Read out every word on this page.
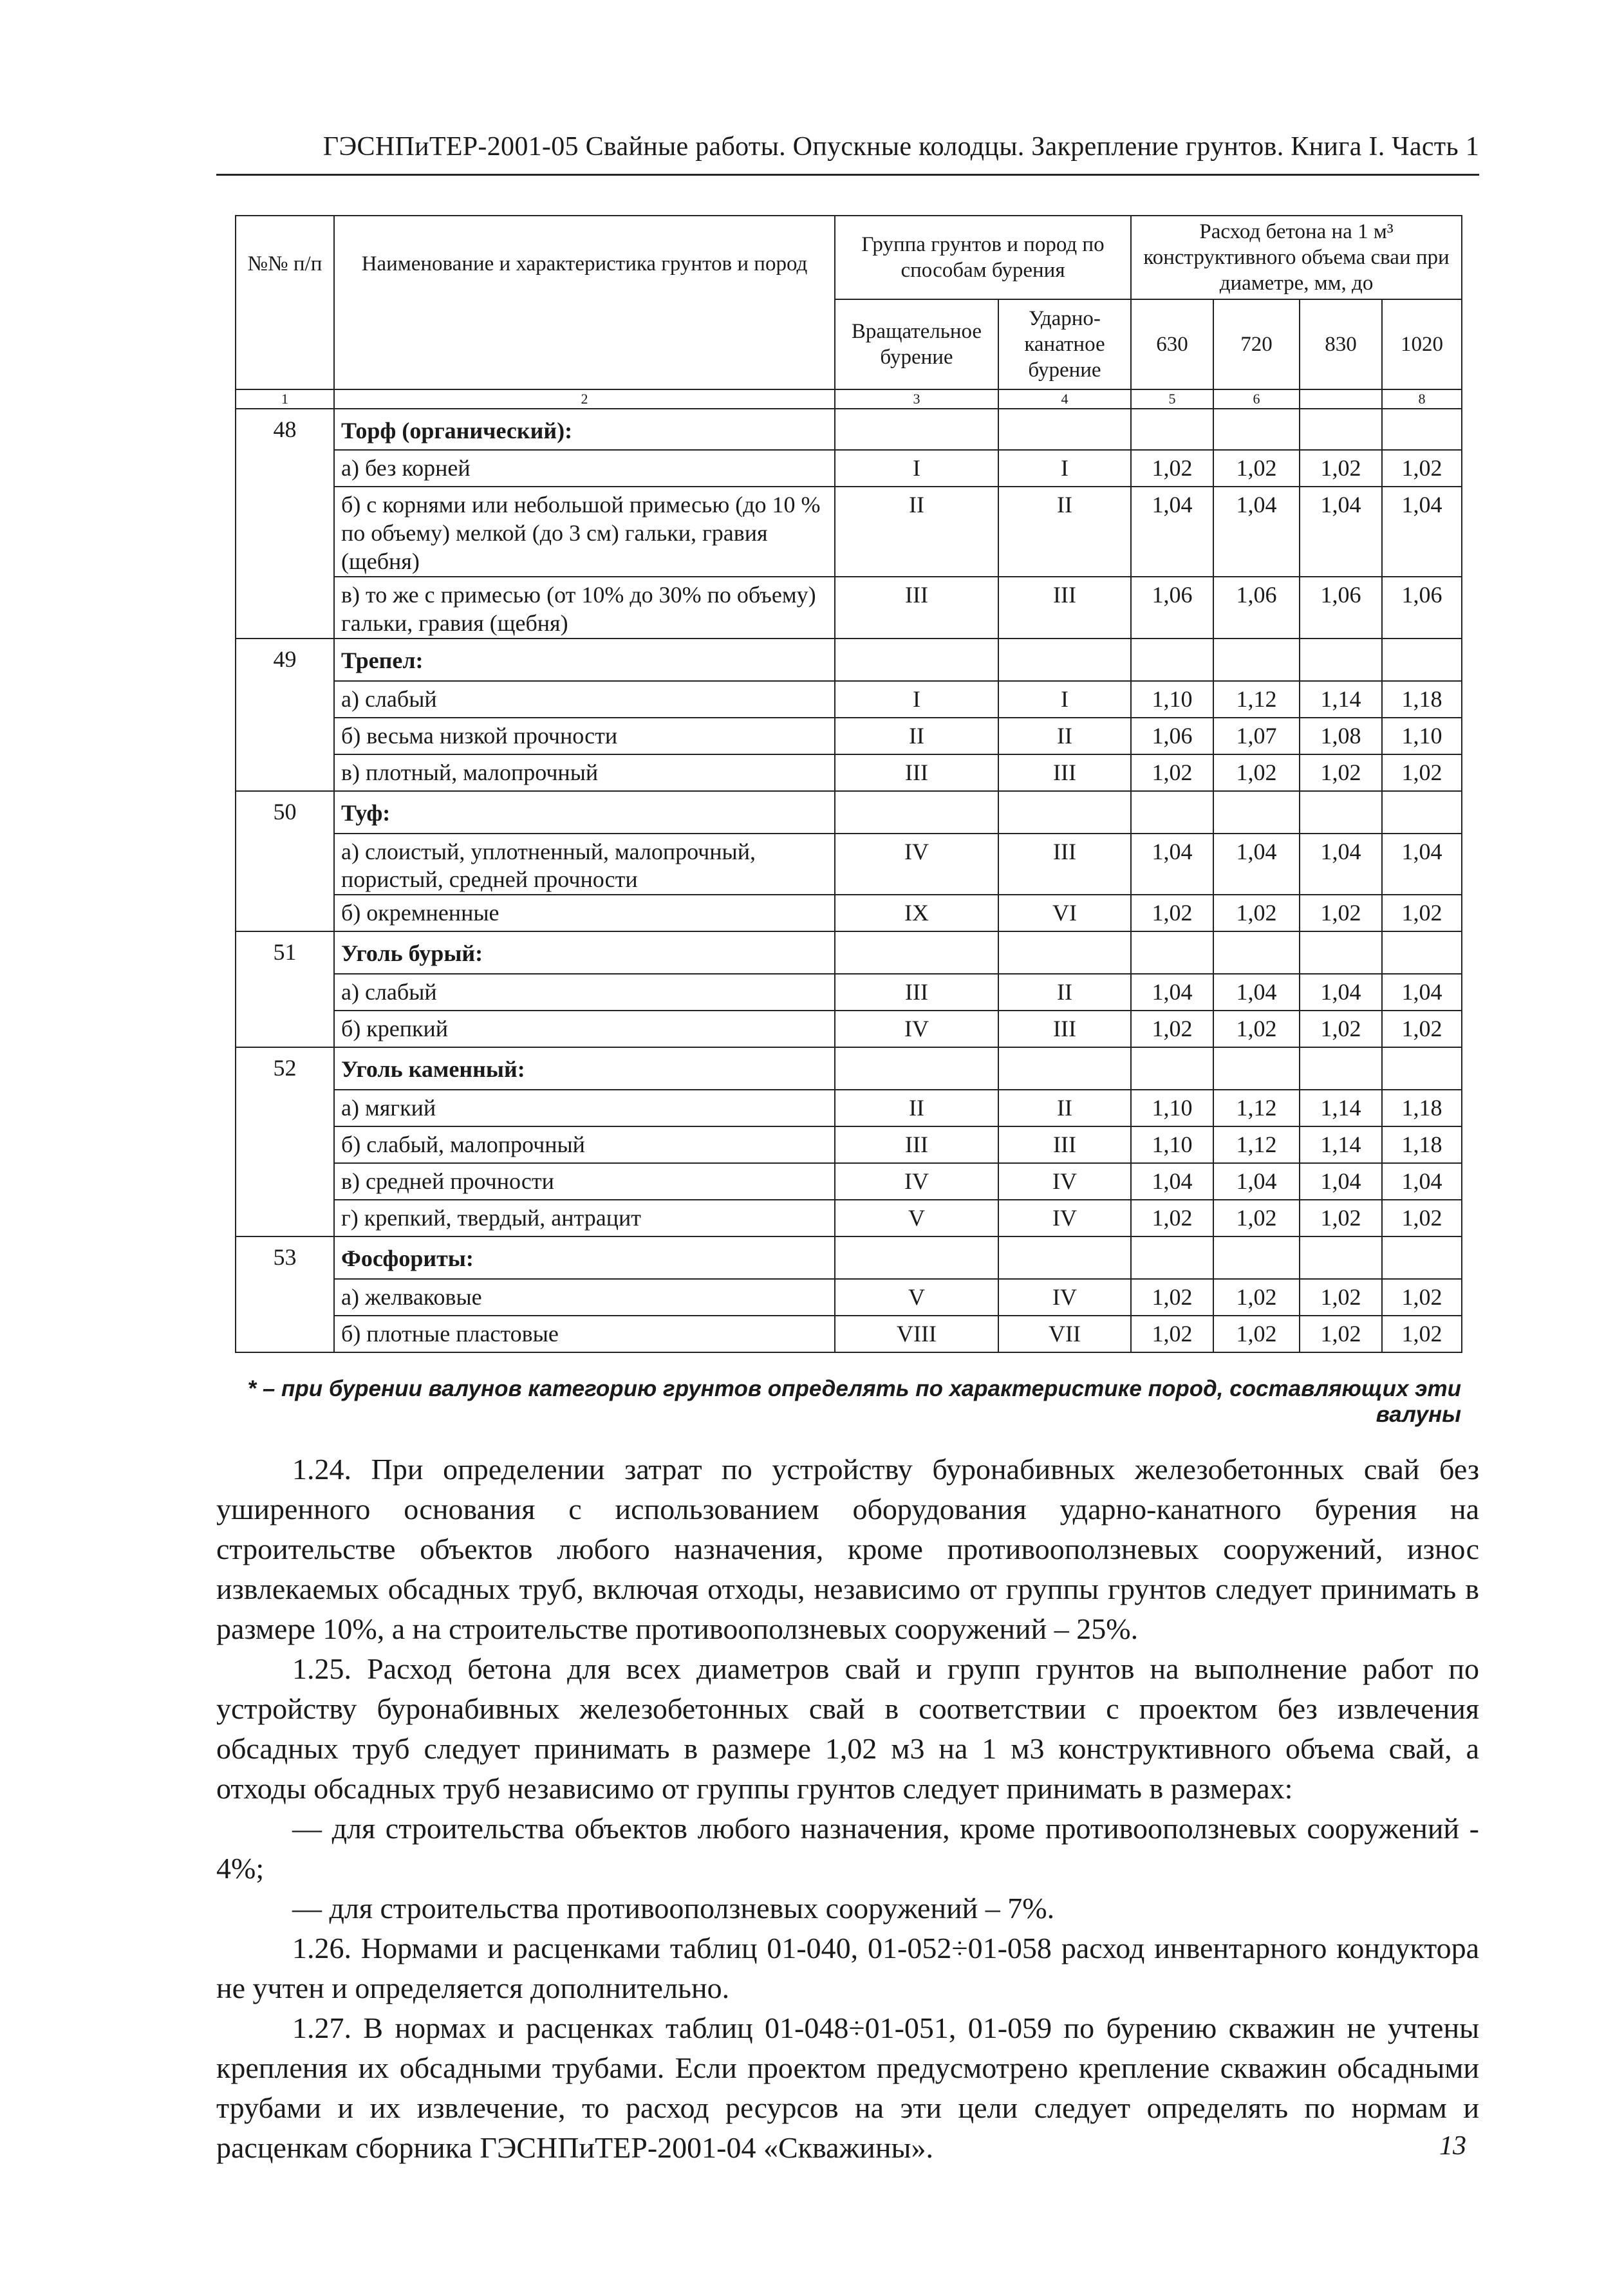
ГЭСНПиТЕР-2001-05 Свайные работы. Опускные колодцы. Закрепление грунтов. Книга I. Часть 1
№№ п/п	Наименование и характеристика грунтов и пород	Группа грунтов и пород по способам бурения		Расход бетона на 1 м³ конструктивного объема сваи при диаметре, мм, до			
		Вращательное бурение	Ударно-канатное бурение	630	720	830	1020
1	2	3	4	5	6		8
48	Торф (органический):						
	а) без корней	I	I	1,02	1,02	1,02	1,02
	б) с корнями или небольшой примесью (до 10 % по объему) мелкой (до 3 см) гальки, гравия (щебня)	II	II	1,04	1,04	1,04	1,04
	в) то же с примесью (от 10% до 30% по объему) гальки, гравия (щебня)	III	III	1,06	1,06	1,06	1,06
49	Трепел:						
	а) слабый	I	I	1,10	1,12	1,14	1,18
	б) весьма низкой прочности	II	II	1,06	1,07	1,08	1,10
	в) плотный, малопрочный	III	III	1,02	1,02	1,02	1,02
50	Туф:						
	а) слоистый, уплотненный, малопрочный, пористый, средней прочности	IV	III	1,04	1,04	1,04	1,04
	б) окремненные	IX	VI	1,02	1,02	1,02	1,02
51	Уголь бурый:						
	а) слабый	III	II	1,04	1,04	1,04	1,04
	б) крепкий	IV	III	1,02	1,02	1,02	1,02
52	Уголь каменный:						
	а) мягкий	II	II	1,10	1,12	1,14	1,18
	б) слабый, малопрочный	III	III	1,10	1,12	1,14	1,18
	в) средней прочности	IV	IV	1,04	1,04	1,04	1,04
	г) крепкий, твердый, антрацит	V	IV	1,02	1,02	1,02	1,02
53	Фосфориты:						
	а) желваковые	V	IV	1,02	1,02	1,02	1,02
	б) плотные пластовые	VIII	VII	1,02	1,02	1,02	1,02
* – при бурении валунов категорию грунтов определять по характеристике пород, составляющих эти валуны

1.24. При определении затрат по устройству буронабивных железобетонных свай без уширенного основания с использованием оборудования ударно-канатного бурения на строительстве объектов любого назначения, кроме противооползневых сооружений, износ извлекаемых обсадных труб, включая отходы, независимо от группы грунтов следует принимать в размере 10%, а на строительстве противооползневых сооружений – 25%.

1.25. Расход бетона для всех диаметров свай и групп грунтов на выполнение работ по устройству буронабивных железобетонных свай в соответствии с проектом без извлечения обсадных труб следует принимать в размере 1,02 м3 на 1 м3 конструктивного объема свай, а отходы обсадных труб независимо от группы грунтов следует принимать в размерах:

— для строительства объектов любого назначения, кроме противооползневых сооружений - 4%;

— для строительства противооползневых сооружений – 7%.

1.26. Нормами и расценками таблиц 01-040, 01-052÷01-058 расход инвентарного кондуктора не учтен и определяется дополнительно.

1.27. В нормах и расценках таблиц 01-048÷01-051, 01-059 по бурению скважин не учтены крепления их обсадными трубами. Если проектом предусмотрено крепление скважин обсадными трубами и их извлечение, то расход ресурсов на эти цели следует определять по нормам и расценкам сборника ГЭСНПиТЕР-2001-04 «Скважины».	13
